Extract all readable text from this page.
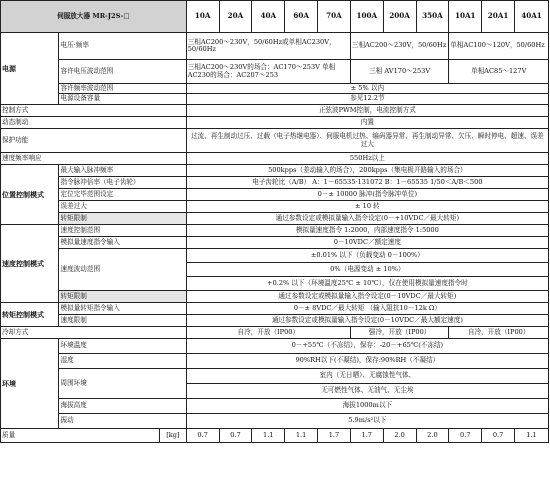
伺服放大器 MR-J2S-□			10A	20A	40A	60A	70A	100A	200A	350A	10A1	20A1	40A1
电源	电压·频率		三相AC200～230V，50/60Hz或单相AC230V，50/60Hz					三相AC200～230V，50/60Hz			单相AC100～120V，50/60Hz		
	容许电压波动范围		三相AC200～230V的场合：AC170～253V 单相AC230的场合：AC207～253					三相 AV170～253V			单相AC85～127V		
	容许频率波动范围		± 5% 以内										
	电源设备容量		参见12.2节										
控制方式			正弦波PWM控制，电流控制方式										
动态制动			内置										
保护功能			过流、再生制动过压、过载（电子热继电器）、伺服电机过热、编码器异常、再生制动异常、欠压、瞬时停电、超速、误差过大										
速度频率响应			550Hz以上										
位置控制模式	最大输入脉冲频率		500kpps（差动输入的场合），200kpps（集电极开路输入的场合）										
	指令脉冲倍率（电子齿轮）		电子齿轮比（A/B） A：1－65535·131072 B：1－65535 1/50＜A/B＜500										
	定位完毕范围设定		0－± 10000 脉冲(指令脉冲单位)										
	误差过大		± 10 转										
	转矩限制		通过参数设定或模拟量输入指令设定(0－+10VDC／最大转矩)										
速度控制模式	速度控制范围		模拟量速度指令 1:2000，内部速度指令 1:5000										
	模拟量速度指令输入		0－10VDC／额定速度										
	速度波动范围		±0.01% 以下（负载变动 0－100%）										
			0%（电源变动 ± 10%）										
			+0.2% 以下（环境温度25℃ ± 10℃），仅在使用模拟量速度指令时										
	转矩限制		通过参数设定或模拟量输入指令设定(0－10VDC／最大转矩)										
转矩控制模式	模拟量转矩指令输入		0－± 8VDC／最大转矩 （输入阻抗10－12k Ω）										
	速度限制		通过参数设定或模拟量输入指令设定(0－10VDC／最大额定速度)										
冷却方式			自冷，开放（IP00）					强冷，开放（IP00）			自冷，开放（IP00）		
环境	环境温度		0－+55℃（不冻结），保存：-20－+65℃(不冻结)										
	湿度		90%RH以下(不凝结)，保存:90%RH（不凝结）										
	周围环境		室内（无日晒）、无腐蚀性气体、										
			无可燃性气体、无油气、无尘埃										
	海拔高度		海拔1000m以下										
	振动		5.9m/s²以下										
质量		[kg]	0.7	0.7	1.1	1.1	1.7	1.7	2.0	2.0	0.7	0.7	1.1
